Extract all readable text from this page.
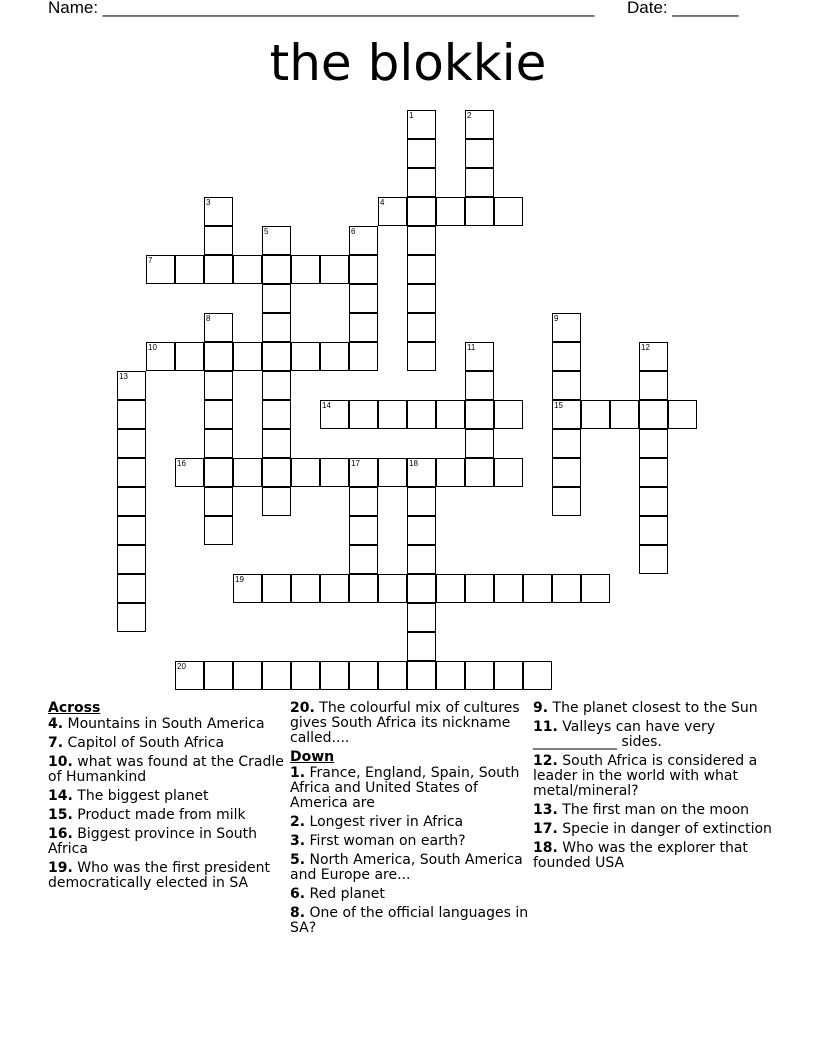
Name: ____________________________________________________ Date: _______
the blokkie
1	2
3	4
5	6
7
8	9
10	11	12
13
14	15
16	17	18
19
20
Across
4. Mountains in South America
7. Capitol of South Africa
10. what was found at the Cradle of Humankind
14. The biggest planet
15. Product made from milk
16. Biggest province in South Africa
19. Who was the first president democratically elected in SA
20. The colourful mix of cultures gives South Africa its nickname called....
Down
1. France, England, Spain, South Africa and United States of America are
2. Longest river in Africa
3. First woman on earth?
5. North America, South America and Europe are...
6. Red planet
8. One of the official languages in SA?
9. The planet closest to the Sun
11. Valleys can have very ____________ sides.
12. South Africa is considered a leader in the world with what metal/mineral?
13. The first man on the moon
17. Specie in danger of extinction
18. Who was the explorer that founded USA
